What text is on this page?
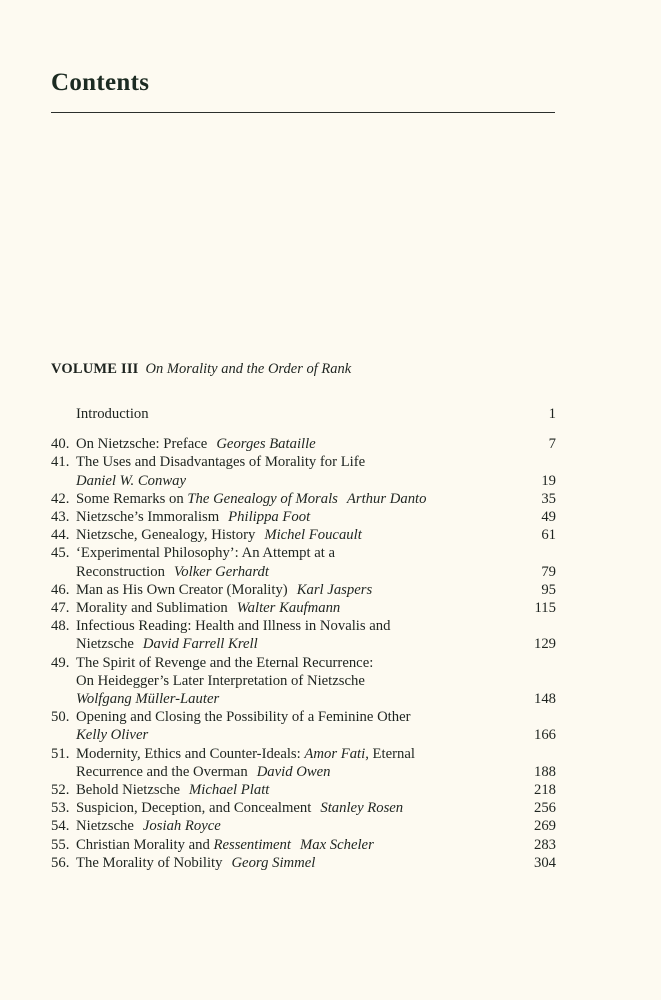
Contents
VOLUME III On Morality and the Order of Rank
Introduction	1
40. On Nietzsche: Preface Georges Bataille	7
41. The Uses and Disadvantages of Morality for Life
Daniel W. Conway	19
42. Some Remarks on The Genealogy of Morals Arthur Danto	35
43. Nietzsche’s Immoralism Philippa Foot	49
44. Nietzsche, Genealogy, History Michel Foucault	61
45. ‘Experimental Philosophy’: An Attempt at a
Reconstruction Volker Gerhardt	79
46. Man as His Own Creator (Morality) Karl Jaspers	95
47. Morality and Sublimation Walter Kaufmann	115
48. Infectious Reading: Health and Illness in Novalis and
Nietzsche David Farrell Krell	129
49. The Spirit of Revenge and the Eternal Recurrence:
On Heidegger’s Later Interpretation of Nietzsche
Wolfgang Müller-Lauter	148
50. Opening and Closing the Possibility of a Feminine Other
Kelly Oliver	166
51. Modernity, Ethics and Counter-Ideals: Amor Fati, Eternal
Recurrence and the Overman David Owen	188
52. Behold Nietzsche Michael Platt	218
53. Suspicion, Deception, and Concealment Stanley Rosen	256
54. Nietzsche Josiah Royce	269
55. Christian Morality and Ressentiment Max Scheler	283
56. The Morality of Nobility Georg Simmel	304
